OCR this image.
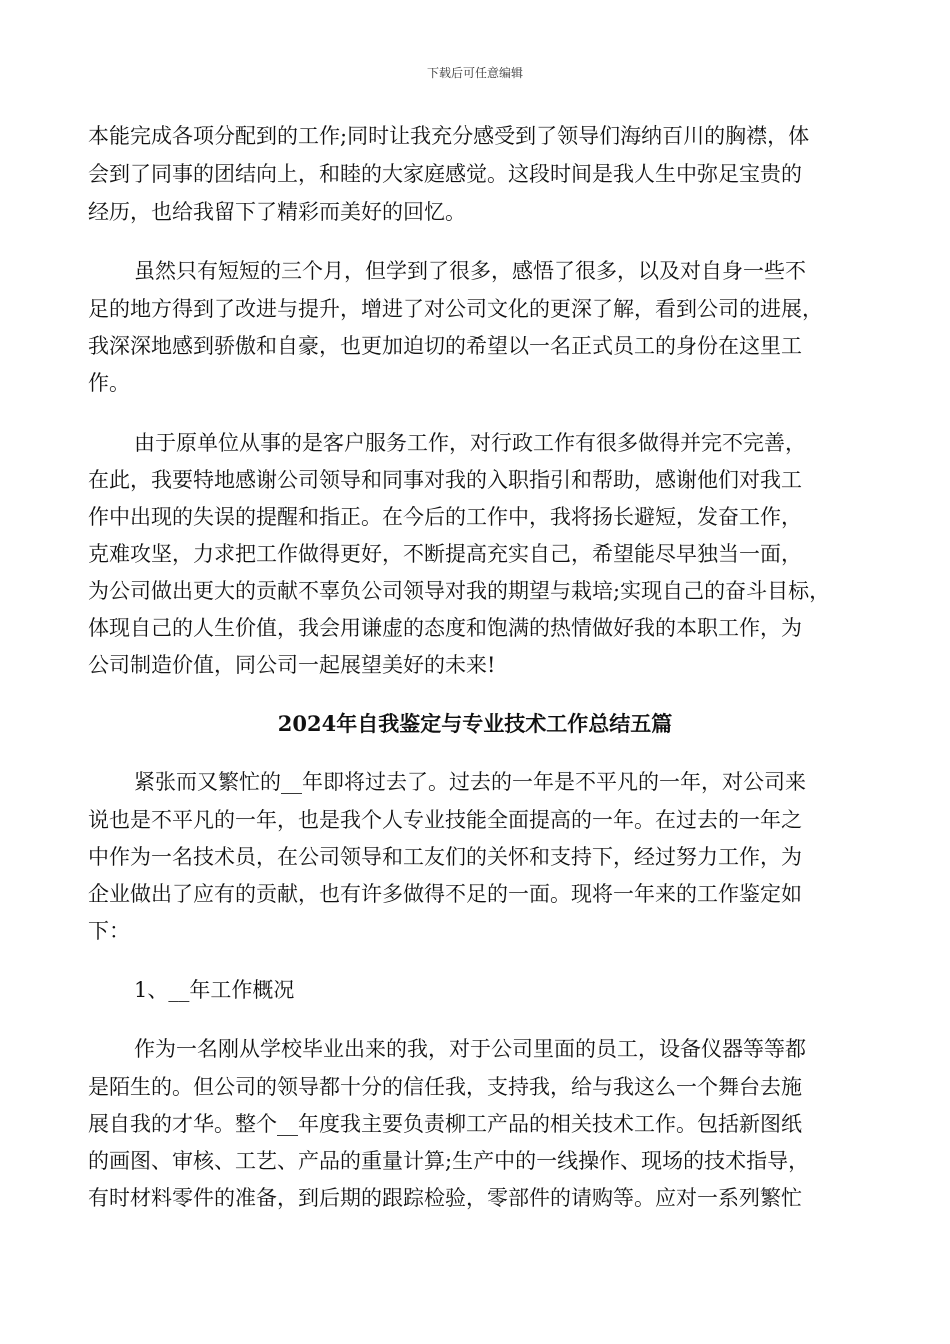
下载后可任意编辑
本能完成各项分配到的工作;同时让我充分感受到了领导们海纳百川的胸襟，体
会到了同事的团结向上，和睦的大家庭感觉。这段时间是我人生中弥足宝贵的
经历，也给我留下了精彩而美好的回忆。
虽然只有短短的三个月，但学到了很多，感悟了很多，以及对自身一些不
足的地方得到了改进与提升，增进了对公司文化的更深了解，看到公司的进展，
我深深地感到骄傲和自豪，也更加迫切的希望以一名正式员工的身份在这里工
作。
由于原单位从事的是客户服务工作，对行政工作有很多做得并完不完善，
在此，我要特地感谢公司领导和同事对我的入职指引和帮助，感谢他们对我工
作中出现的失误的提醒和指正。在今后的工作中，我将扬长避短，发奋工作，
克难攻坚，力求把工作做得更好，不断提高充实自己，希望能尽早独当一面，
为公司做出更大的贡献不辜负公司领导对我的期望与栽培;实现自己的奋斗目标，
体现自己的人生价值，我会用谦虚的态度和饱满的热情做好我的本职工作，为
公司制造价值，同公司一起展望美好的未来!
2024年自我鉴定与专业技术工作总结五篇
紧张而又繁忙的__年即将过去了。过去的一年是不平凡的一年，对公司来
说也是不平凡的一年，也是我个人专业技能全面提高的一年。在过去的一年之
中作为一名技术员，在公司领导和工友们的关怀和支持下，经过努力工作，为
企业做出了应有的贡献，也有许多做得不足的一面。现将一年来的工作鉴定如
下：
1、__年工作概况
作为一名刚从学校毕业出来的我，对于公司里面的员工，设备仪器等等都
是陌生的。但公司的领导都十分的信任我，支持我，给与我这么一个舞台去施
展自我的才华。整个__年度我主要负责柳工产品的相关技术工作。包括新图纸
的画图、审核、工艺、产品的重量计算;生产中的一线操作、现场的技术指导，
有时材料零件的准备，到后期的跟踪检验，零部件的请购等。应对一系列繁忙
